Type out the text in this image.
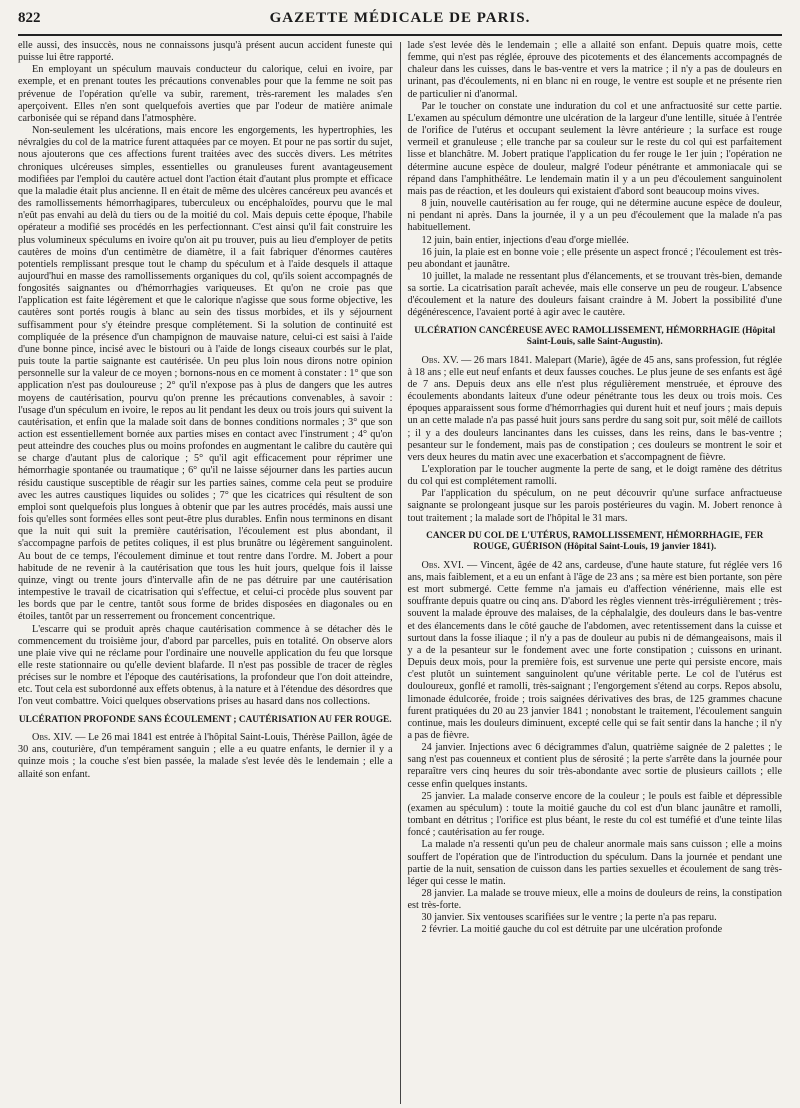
822	GAZETTE MÉDICALE DE PARIS.

elle aussi, des insuccès, nous ne connaissons jusqu'à présent aucun accident funeste qui puisse lui être rapporté.

En employant un spéculum mauvais conducteur du calorique, celui en ivoire, par exemple, et en prenant toutes les précautions convenables pour que la femme ne soit pas prévenue de l'opération qu'elle va subir, rarement, très-rarement les malades s'en aperçoivent. Elles n'en sont quelquefois averties que par l'odeur de matière animale carbonisée qui se répand dans l'atmosphère.

Non-seulement les ulcérations, mais encore les engorgements, les hypertrophies, les névralgies du col de la matrice furent attaquées par ce moyen. Et pour ne pas sortir du sujet, nous ajouterons que ces affections furent traitées avec des succès divers. Les métrites chroniques ulcéreuses simples, essentielles ou granuleuses furent avantageusement modifiées par l'emploi du cautère actuel dont l'action était d'autant plus prompte et efficace que la maladie était plus ancienne. Il en était de même des ulcères cancéreux peu avancés et des ramollissements hémorrhagipares, tuberculeux ou encéphaloïdes, pourvu que le mal n'eût pas envahi au delà du tiers ou de la moitié du col. Mais depuis cette époque, l'habile opérateur a modifié ses procédés en les perfectionnant. C'est ainsi qu'il fait construire les plus volumineux spéculums en ivoire qu'on ait pu trouver, puis au lieu d'employer de petits cautères de moins d'un centimètre de diamètre, il a fait fabriquer d'énormes cautères potentiels remplissant presque tout le champ du spéculum et à l'aide desquels il attaque aujourd'hui en masse des ramollissements organiques du col, qu'ils soient accompagnés de fongosités saignantes ou d'hémorrhagies variqueuses. Et qu'on ne croie pas que l'application est faite légèrement et que le calorique n'agisse que sous forme objective, les cautères sont portés rougis à blanc au sein des tissus morbides, et ils y séjournent suffisamment pour s'y éteindre presque complétement. Si la solution de continuité est compliquée de la présence d'un champignon de mauvaise nature, celui-ci est saisi à l'aide d'une bonne pince, incisé avec le bistouri ou à l'aide de longs ciseaux courbés sur le plat, puis toute la partie saignante est cautérisée. Un peu plus loin nous dirons notre opinion personnelle sur la valeur de ce moyen ; bornons-nous en ce moment à constater : 1° que son application n'est pas douloureuse ; 2° qu'il n'expose pas à plus de dangers que les autres moyens de cautérisation, pourvu qu'on prenne les précautions convenables, à savoir : l'usage d'un spéculum en ivoire, le repos au lit pendant les deux ou trois jours qui suivent la cautérisation, et enfin que la malade soit dans de bonnes conditions normales ; 3° que son action est essentiellement bornée aux parties mises en contact avec l'instrument ; 4° qu'on peut atteindre des couches plus ou moins profondes en augmentant le calibre du cautère qui se charge d'autant plus de calorique ; 5° qu'il agit efficacement pour réprimer une hémorrhagie spontanée ou traumatique ; 6° qu'il ne laisse séjourner dans les parties aucun résidu caustique susceptible de réagir sur les parties saines, comme cela peut se produire avec les autres caustiques liquides ou solides ; 7° que les cicatrices qui résultent de son emploi sont quelquefois plus longues à obtenir que par les autres procédés, mais aussi une fois qu'elles sont formées elles sont peut-être plus durables. Enfin nous terminons en disant que la nuit qui suit la première cautérisation, l'écoulement est plus abondant, il s'accompagne parfois de petites coliques, il est plus brunâtre ou légèrement sanguinolent. Au bout de ce temps, l'écoulement diminue et tout rentre dans l'ordre. M. Jobert a pour habitude de ne revenir à la cautérisation que tous les huit jours, quelque fois il laisse quinze, vingt ou trente jours d'intervalle afin de ne pas détruire par une cautérisation intempestive le travail de cicatrisation qui s'effectue, et celui-ci procède plus souvent par les bords que par le centre, tantôt sous forme de brides disposées en diagonales ou en étoiles, tantôt par un resserrement ou froncement concentrique.

L'escarre qui se produit après chaque cautérisation commence à se détacher dès le commencement du troisième jour, d'abord par parcelles, puis en totalité. On observe alors une plaie vive qui ne réclame pour l'ordinaire une nouvelle application du feu que lorsque elle reste stationnaire ou qu'elle devient blafarde. Il n'est pas possible de tracer de règles précises sur le nombre et l'époque des cautérisations, la profondeur que l'on doit atteindre, etc. Tout cela est subordonné aux effets obtenus, à la nature et à l'étendue des désordres que l'on veut combattre. Voici quelques observations prises au hasard dans nos collections.

ULCÉRATION PROFONDE SANS ÉCOULEMENT ; CAUTÉRISATION AU FER ROUGE.

Obs. XIV. — Le 26 mai 1841 est entrée à l'hôpital Saint-Louis, Thérèse Paillon, âgée de 30 ans, couturière, d'un tempérament sanguin ; elle a eu quatre enfants, le dernier il y a quinze mois ; la couche s'est bien passée, la malade s'est levée dès le lendemain ; elle a allaité son enfant.

lade s'est levée dès le lendemain ; elle a allaité son enfant. Depuis quatre mois, cette femme, qui n'est pas réglée, éprouve des picotements et des élancements accompagnés de chaleur dans les cuisses, dans le bas-ventre et vers la matrice ; il n'y a pas de douleurs en urinant, pas d'écoulements, ni en blanc ni en rouge, le ventre est souple et ne présente rien de particulier ni d'anormal.

Par le toucher on constate une induration du col et une anfractuosité sur cette partie. L'examen au spéculum démontre une ulcération de la largeur d'une lentille, située à l'entrée de l'orifice de l'utérus et occupant seulement la lèvre antérieure ; la surface est rouge vermeil et granuleuse ; elle tranche par sa couleur sur le reste du col qui est parfaitement lisse et blanchâtre. M. Jobert pratique l'application du fer rouge le 1er juin ; l'opération ne détermine aucune espèce de douleur, malgré l'odeur pénétrante et ammoniacale qui se répand dans l'amphithéâtre. Le lendemain matin il y a un peu d'écoulement sanguinolent mais pas de réaction, et les douleurs qui existaient d'abord sont beaucoup moins vives.

8 juin, nouvelle cautérisation au fer rouge, qui ne détermine aucune espèce de douleur, ni pendant ni après. Dans la journée, il y a un peu d'écoulement que la malade n'a pas habituellement.

12 juin, bain entier, injections d'eau d'orge miellée.

16 juin, la plaie est en bonne voie ; elle présente un aspect froncé ; l'écoulement est très-peu abondant et jaunâtre.

10 juillet, la malade ne ressentant plus d'élancements, et se trouvant très-bien, demande sa sortie. La cicatrisation paraît achevée, mais elle conserve un peu de rougeur. L'absence d'écoulement et la nature des douleurs faisant craindre à M. Jobert la possibilité d'une dégénérescence, l'avaient porté à agir avec le cautère.

ULCÉRATION CANCÉREUSE AVEC RAMOLLISSEMENT, HÉMORRHAGIE (Hôpital Saint-Louis, salle Saint-Augustin).

Obs. XV. — 26 mars 1841. Malepart (Marie), âgée de 45 ans, sans profession, fut réglée à 18 ans ; elle eut neuf enfants et deux fausses couches. Le plus jeune de ses enfants est âgé de 7 ans. Depuis deux ans elle n'est plus régulièrement menstruée, et éprouve des écoulements abondants laiteux d'une odeur pénétrante tous les deux ou trois mois. Ces époques apparaissent sous forme d'hémorrhagies qui durent huit et neuf jours ; mais depuis un an cette malade n'a pas passé huit jours sans perdre du sang soit pur, soit mêlé de caillots ; il y a des douleurs lancinantes dans les cuisses, dans les reins, dans le bas-ventre ; pesanteur sur le fondement, mais pas de constipation ; ces douleurs se montrent le soir et vers deux heures du matin avec une exacerbation et s'accompagnent de fièvre.

L'exploration par le toucher augmente la perte de sang, et le doigt ramène des détritus du col qui est complétement ramolli.

Par l'application du spéculum, on ne peut découvrir qu'une surface anfractueuse saignante se prolongeant jusque sur les parois postérieures du vagin. M. Jobert renonce à tout traitement ; la malade sort de l'hôpital le 31 mars.

CANCER DU COL DE L'UTÉRUS, RAMOLLISSEMENT, HÉMORRHAGIE, FER ROUGE, GUÉRISON (Hôpital Saint-Louis, 19 janvier 1841).

Obs. XVI. — Vincent, âgée de 42 ans, cardeuse, d'une haute stature, fut réglée vers 16 ans, mais faiblement, et a eu un enfant à l'âge de 23 ans ; sa mère est bien portante, son père est mort submergé. Cette femme n'a jamais eu d'affection vénérienne, mais elle est souffrante depuis quatre ou cinq ans. D'abord les règles viennent très-irrégulièrement ; très-souvent la malade éprouve des malaises, de la céphalalgie, des douleurs dans le bas-ventre et des élancements dans le côté gauche de l'abdomen, avec retentissement dans la cuisse et surtout dans la fosse iliaque ; il n'y a pas de douleur au pubis ni de démangeaisons, mais il y a de la pesanteur sur le fondement avec une forte constipation ; cuissons en urinant. Depuis deux mois, pour la première fois, est survenue une perte qui persiste encore, mais c'est plutôt un suintement sanguinolent qu'une véritable perte. Le col de l'utérus est douloureux, gonflé et ramolli, très-saignant ; l'engorgement s'étend au corps. Repos absolu, limonade édulcorée, froide ; trois saignées dérivatives des bras, de 125 grammes chacune furent pratiquées du 20 au 23 janvier 1841 ; nonobstant le traitement, l'écoulement sanguin continue, mais les douleurs diminuent, excepté celle qui se fait sentir dans la hanche ; il n'y a pas de fièvre.

24 janvier. Injections avec 6 décigrammes d'alun, quatrième saignée de 2 palettes ; le sang n'est pas couenneux et contient plus de sérosité ; la perte s'arrête dans la journée pour reparaître vers cinq heures du soir très-abondante avec sortie de plusieurs caillots ; elle cesse enfin quelques instants.

25 janvier. La malade conserve encore de la couleur ; le pouls est faible et dépressible (examen au spéculum) : toute la moitié gauche du col est d'un blanc jaunâtre et ramolli, tombant en détritus ; l'orifice est plus béant, le reste du col est tuméfié et d'une teinte lilas foncé ; cautérisation au fer rouge.

La malade n'a ressenti qu'un peu de chaleur anormale mais sans cuisson ; elle a moins souffert de l'opération que de l'introduction du spéculum. Dans la journée et pendant une partie de la nuit, sensation de cuisson dans les parties sexuelles et écoulement de sang très-léger qui cesse le matin.

28 janvier. La malade se trouve mieux, elle a moins de douleurs de reins, la constipation est très-forte.

30 janvier. Six ventouses scarifiées sur le ventre ; la perte n'a pas reparu.

2 février. La moitié gauche du col est détruite par une ulcération profonde
